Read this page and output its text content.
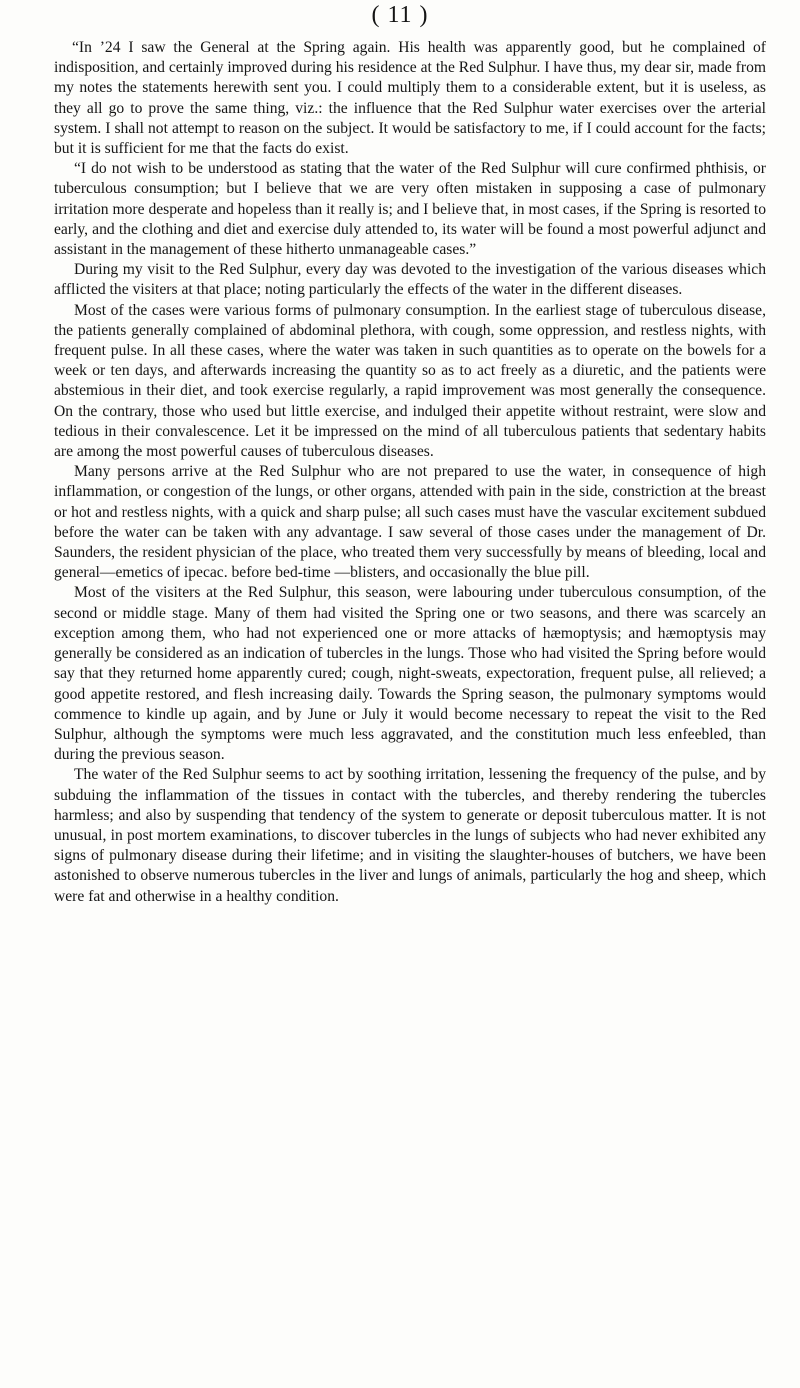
( 11 )

“In ’24 I saw the General at the Spring again. His health was apparently good, but he complained of indisposition, and certainly improved during his residence at the Red Sulphur. I have thus, my dear sir, made from my notes the statements herewith sent you. I could multiply them to a considerable extent, but it is useless, as they all go to prove the same thing, viz.: the influence that the Red Sulphur water exercises over the arterial system. I shall not attempt to reason on the subject. It would be satisfactory to me, if I could account for the facts; but it is sufficient for me that the facts do exist.

“I do not wish to be understood as stating that the water of the Red Sulphur will cure confirmed phthisis, or tuberculous consumption; but I believe that we are very often mistaken in supposing a case of pulmonary irritation more desperate and hopeless than it really is; and I believe that, in most cases, if the Spring is resorted to early, and the clothing and diet and exercise duly attended to, its water will be found a most powerful adjunct and assistant in the management of these hitherto unmanageable cases.”

During my visit to the Red Sulphur, every day was devoted to the investigation of the various diseases which afflicted the visiters at that place; noting particularly the effects of the water in the different diseases.

Most of the cases were various forms of pulmonary consumption. In the earliest stage of tuberculous disease, the patients generally complained of abdominal plethora, with cough, some oppression, and restless nights, with frequent pulse. In all these cases, where the water was taken in such quantities as to operate on the bowels for a week or ten days, and afterwards increasing the quantity so as to act freely as a diuretic, and the patients were abstemious in their diet, and took exercise regularly, a rapid improvement was most generally the consequence. On the contrary, those who used but little exercise, and indulged their appetite without restraint, were slow and tedious in their convalescence. Let it be impressed on the mind of all tuberculous patients that sedentary habits are among the most powerful causes of tuberculous diseases.

Many persons arrive at the Red Sulphur who are not prepared to use the water, in consequence of high inflammation, or congestion of the lungs, or other organs, attended with pain in the side, constriction at the breast or hot and restless nights, with a quick and sharp pulse; all such cases must have the vascular excitement subdued before the water can be taken with any advantage. I saw several of those cases under the management of Dr. Saunders, the resident physician of the place, who treated them very successfully by means of bleeding, local and general—emetics of ipecac. before bed-time —blisters, and occasionally the blue pill.

Most of the visiters at the Red Sulphur, this season, were labouring under tuberculous consumption, of the second or middle stage. Many of them had visited the Spring one or two seasons, and there was scarcely an exception among them, who had not experienced one or more attacks of hæmoptysis; and hæmoptysis may generally be considered as an indication of tubercles in the lungs. Those who had visited the Spring before would say that they returned home apparently cured; cough, night-sweats, expectoration, frequent pulse, all relieved; a good appetite restored, and flesh increasing daily. Towards the Spring season, the pulmonary symptoms would commence to kindle up again, and by June or July it would become necessary to repeat the visit to the Red Sulphur, although the symptoms were much less aggravated, and the constitution much less enfeebled, than during the previous season.

The water of the Red Sulphur seems to act by soothing irritation, lessening the frequency of the pulse, and by subduing the inflammation of the tissues in contact with the tubercles, and thereby rendering the tubercles harmless; and also by suspending that tendency of the system to generate or deposit tuberculous matter. It is not unusual, in post mortem examinations, to discover tubercles in the lungs of subjects who had never exhibited any signs of pulmonary disease during their lifetime; and in visiting the slaughter-houses of butchers, we have been astonished to observe numerous tubercles in the liver and lungs of animals, particularly the hog and sheep, which were fat and otherwise in a healthy condition.
